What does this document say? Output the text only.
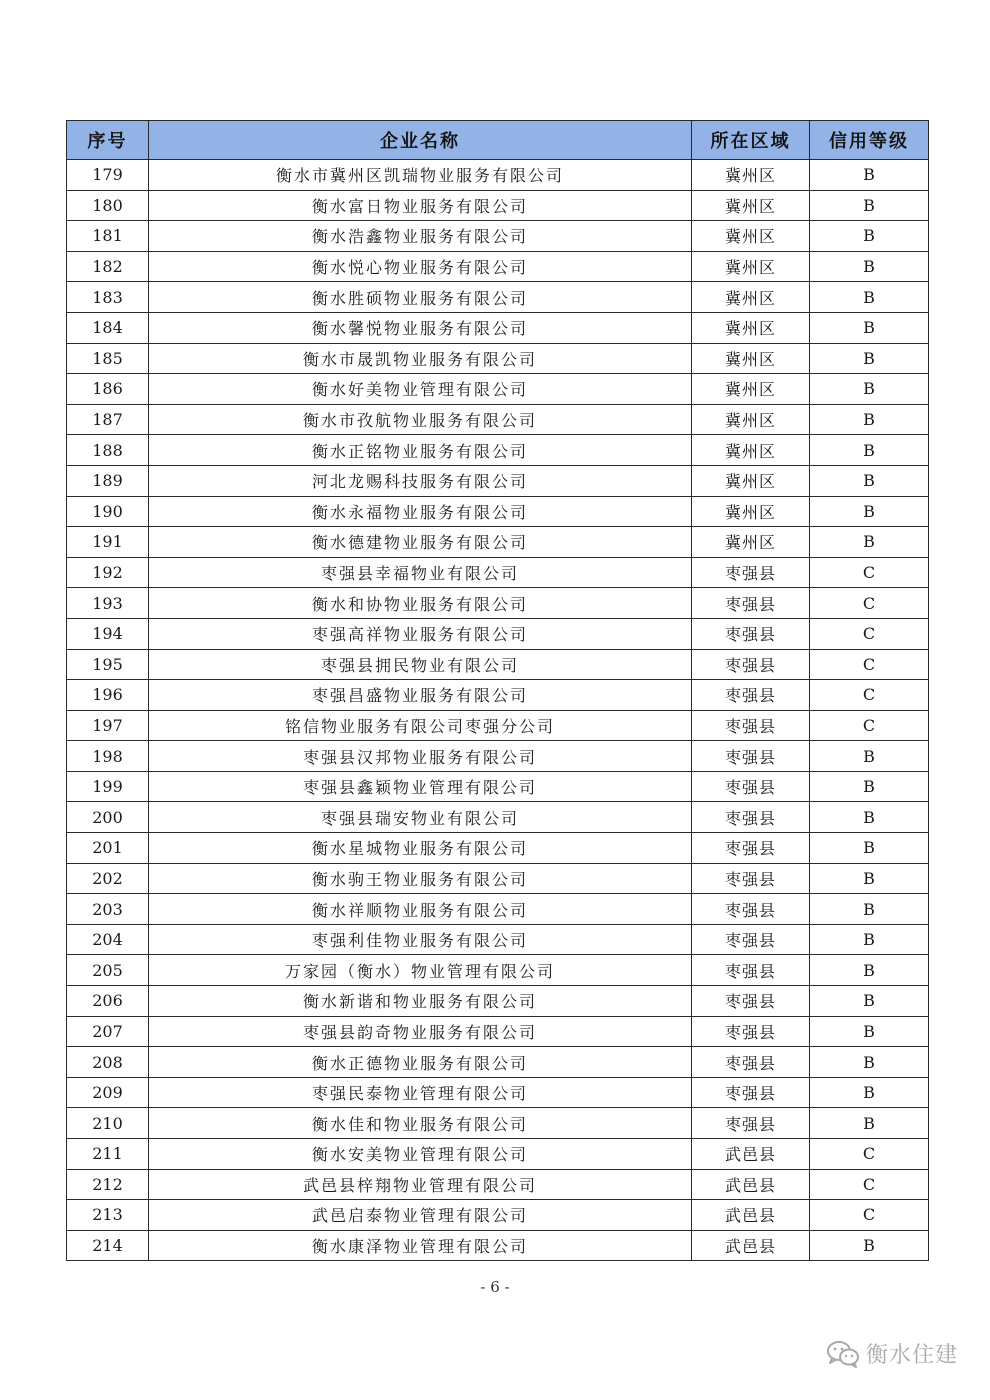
序号	企业名称	所在区域	信用等级
179	衡水市冀州区凯瑞物业服务有限公司	冀州区	B
180	衡水富日物业服务有限公司	冀州区	B
181	衡水浩鑫物业服务有限公司	冀州区	B
182	衡水悦心物业服务有限公司	冀州区	B
183	衡水胜硕物业服务有限公司	冀州区	B
184	衡水馨悦物业服务有限公司	冀州区	B
185	衡水市晟凯物业服务有限公司	冀州区	B
186	衡水好美物业管理有限公司	冀州区	B
187	衡水市孜航物业服务有限公司	冀州区	B
188	衡水正铭物业服务有限公司	冀州区	B
189	河北龙赐科技服务有限公司	冀州区	B
190	衡水永福物业服务有限公司	冀州区	B
191	衡水德建物业服务有限公司	冀州区	B
192	枣强县幸福物业有限公司	枣强县	C
193	衡水和协物业服务有限公司	枣强县	C
194	枣强高祥物业服务有限公司	枣强县	C
195	枣强县拥民物业有限公司	枣强县	C
196	枣强昌盛物业服务有限公司	枣强县	C
197	铭信物业服务有限公司枣强分公司	枣强县	C
198	枣强县汉邦物业服务有限公司	枣强县	B
199	枣强县鑫颖物业管理有限公司	枣强县	B
200	枣强县瑞安物业有限公司	枣强县	B
201	衡水星城物业服务有限公司	枣强县	B
202	衡水驹王物业服务有限公司	枣强县	B
203	衡水祥顺物业服务有限公司	枣强县	B
204	枣强利佳物业服务有限公司	枣强县	B
205	万家园（衡水）物业管理有限公司	枣强县	B
206	衡水新谐和物业服务有限公司	枣强县	B
207	枣强县韵奇物业服务有限公司	枣强县	B
208	衡水正德物业服务有限公司	枣强县	B
209	枣强民泰物业管理有限公司	枣强县	B
210	衡水佳和物业服务有限公司	枣强县	B
211	衡水安美物业管理有限公司	武邑县	C
212	武邑县梓翔物业管理有限公司	武邑县	C
213	武邑启泰物业管理有限公司	武邑县	C
214	衡水康泽物业管理有限公司	武邑县	B
- 6 -
衡水住建
